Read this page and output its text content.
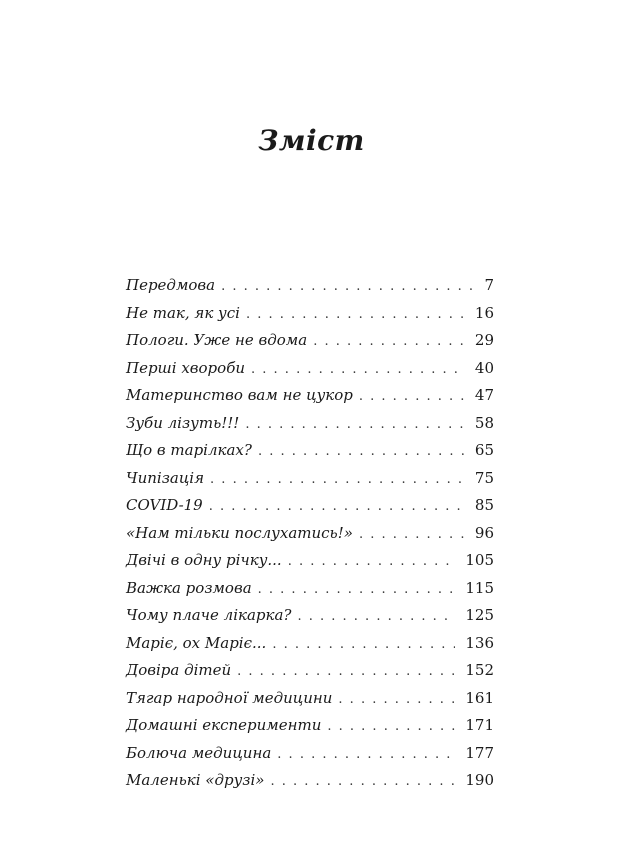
Зміст
Передмова . . .	7
Не так, як усі . . .	16
Пологи. Уже не вдома . . .	29
Перші хвороби . . .	40
Материнство вам не цукор . . .	47
Зуби лізуть!!! . . .	58
Що в тарілках? . . .	65
Чипізація . . .	75
COVID-19 . . .	85
«Нам тільки послухатись!» . . .	96
Двічі в одну річку... . . .	105
Важка розмова . . .	115
Чому плаче лікарка? . . .	125
Маріє, ох Маріє... . . .	136
Довіра дітей . . .	152
Тягар народної медицини . . .	161
Домашні експерименти . . .	171
Болюча медицина . . .	177
Маленькі «друзі» . . .	190
